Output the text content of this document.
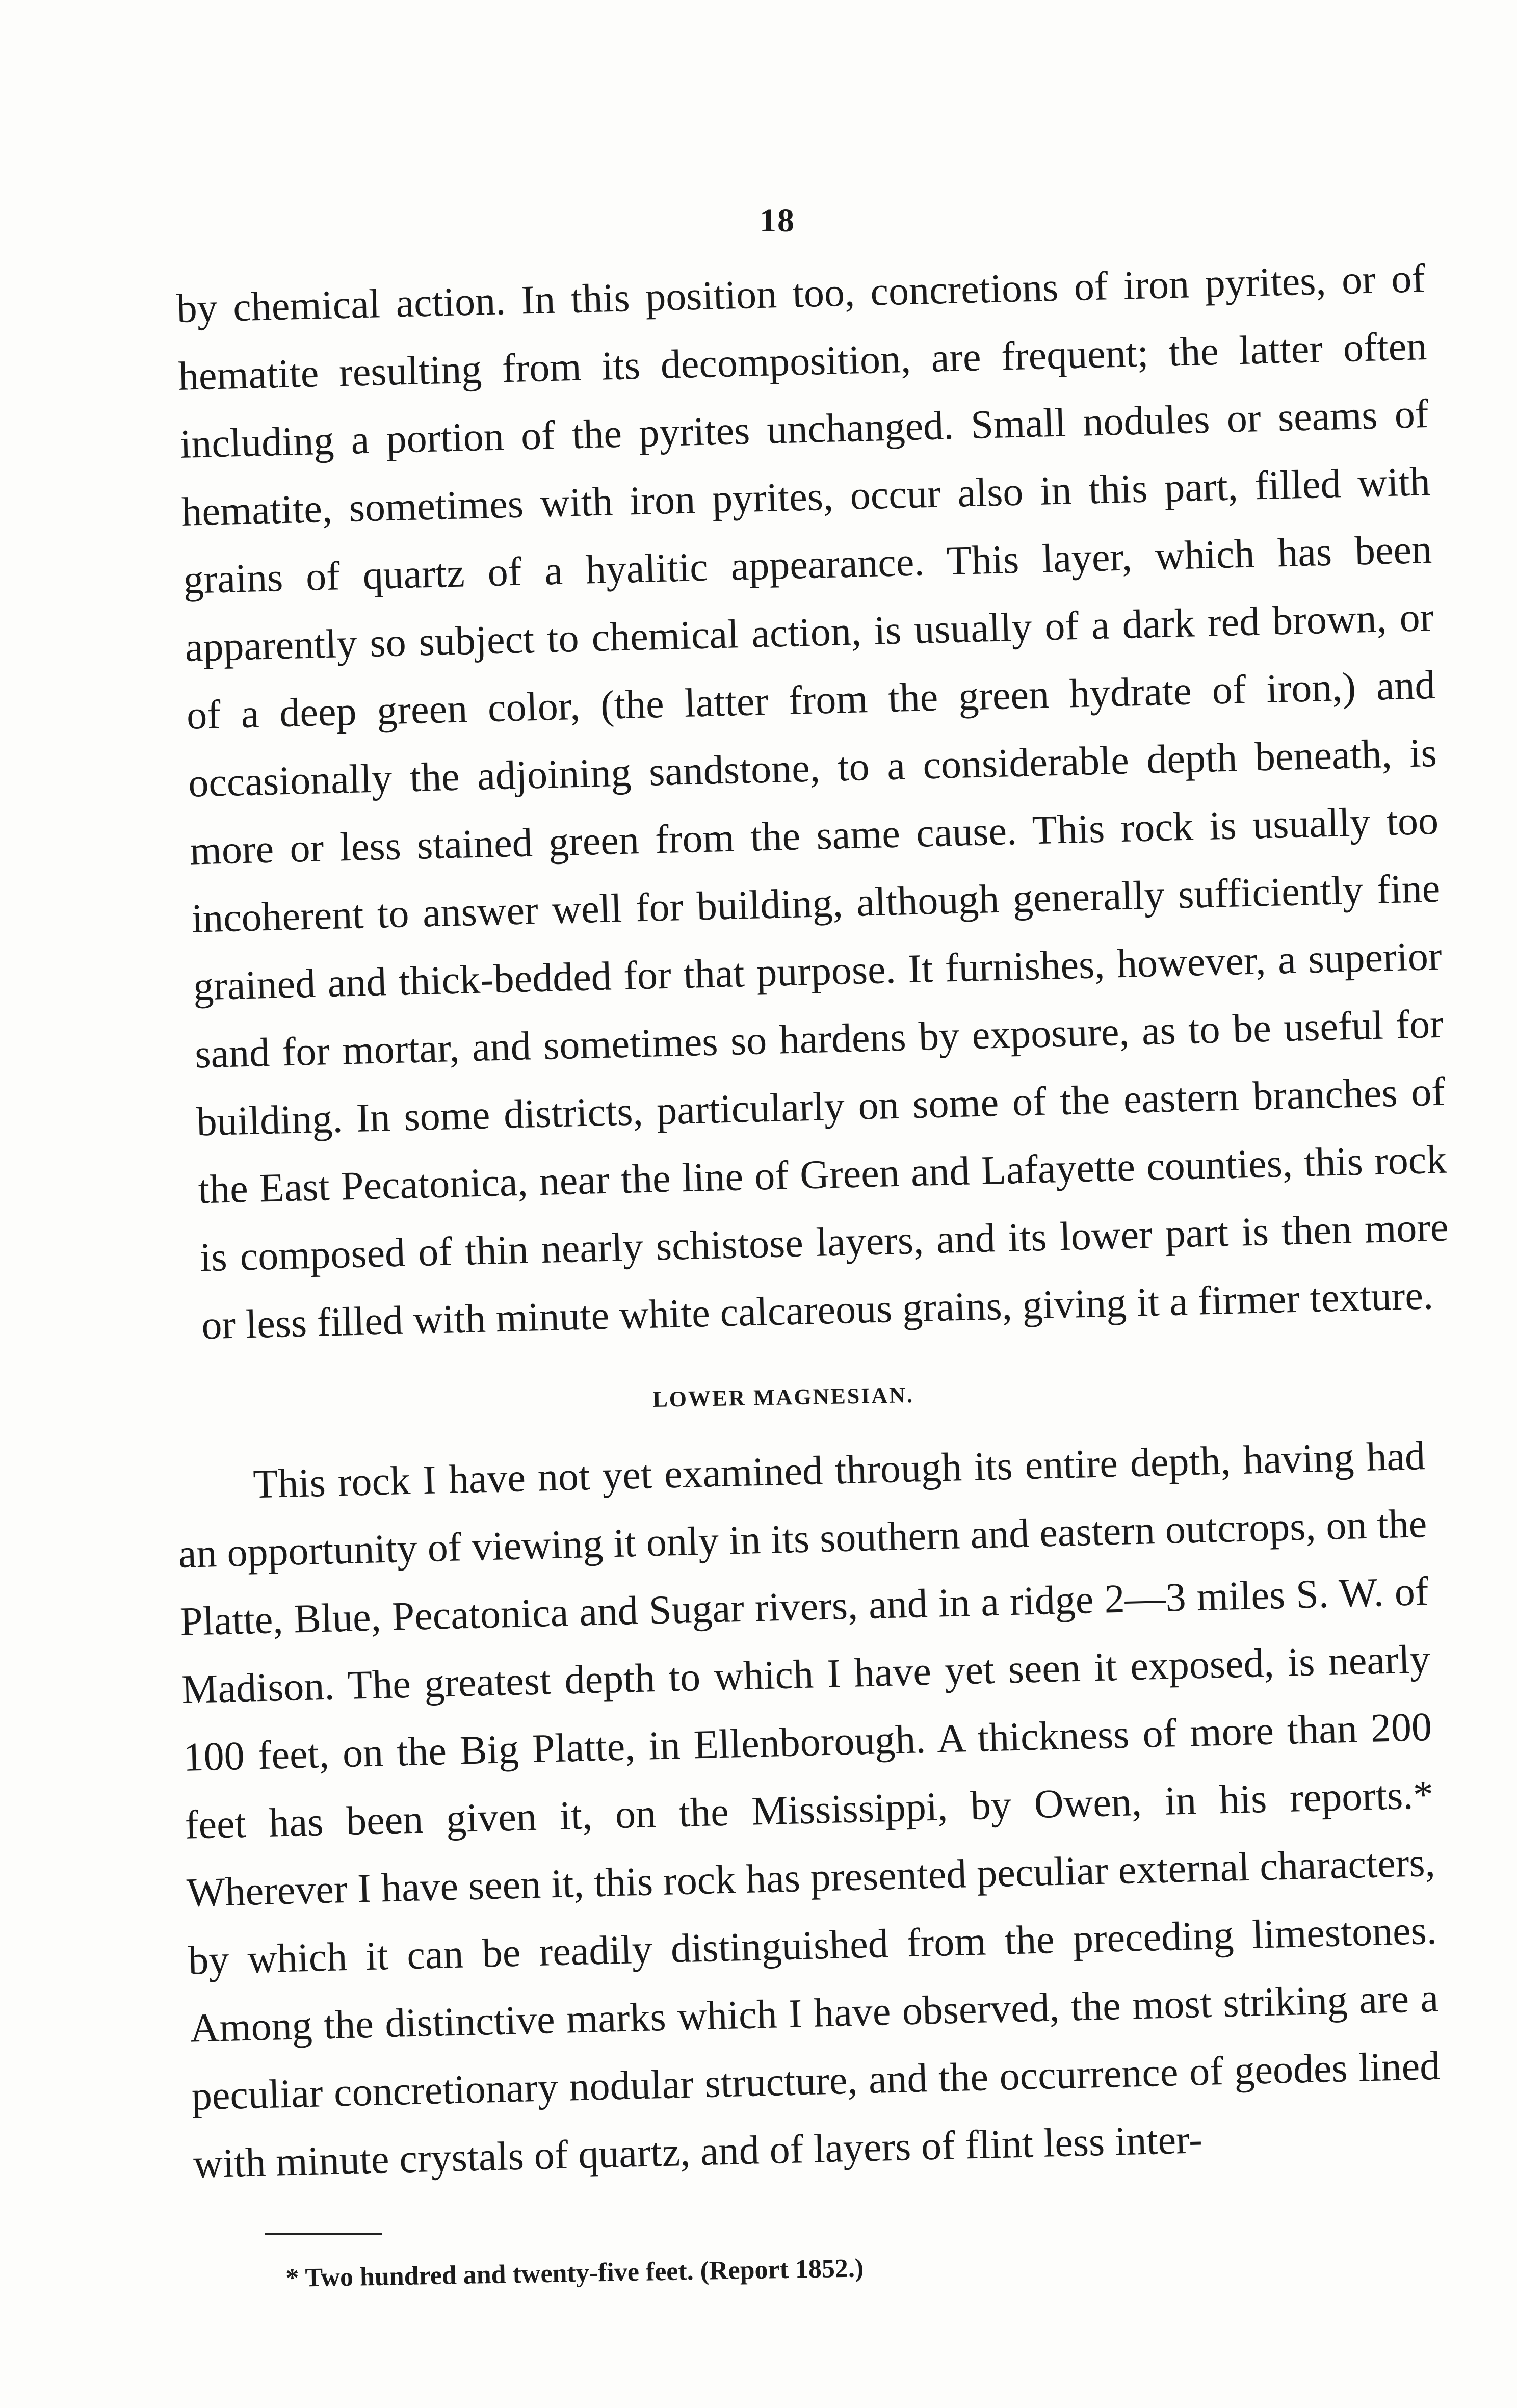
18
by chemical action. In this position too, concretions of iron pyrites, or of hematite resulting from its decomposition, are frequent; the latter often including a portion of the pyrites unchanged. Small nodules or seams of hematite, sometimes with iron pyrites, occur also in this part, filled with grains of quartz of a hyalitic appearance. This layer, which has been apparently so subject to chemical action, is usually of a dark red brown, or of a deep green color, (the latter from the green hydrate of iron,) and occasionally the adjoining sandstone, to a considerable depth beneath, is more or less stained green from the same cause. This rock is usually too incoherent to answer well for building, although generally sufficiently fine grained and thick-bedded for that purpose. It furnishes, however, a superior sand for mortar, and sometimes so hardens by exposure, as to be useful for building. In some districts, particularly on some of the eastern branches of the East Pecatonica, near the line of Green and Lafayette counties, this rock is composed of thin nearly schistose layers, and its lower part is then more or less filled with minute white calcareous grains, giving it a firmer texture.
LOWER MAGNESIAN.
This rock I have not yet examined through its entire depth, having had an opportunity of viewing it only in its southern and eastern outcrops, on the Platte, Blue, Pecatonica and Sugar rivers, and in a ridge 2—3 miles S. W. of Madison. The greatest depth to which I have yet seen it exposed, is nearly 100 feet, on the Big Platte, in Ellenborough. A thickness of more than 200 feet has been given it, on the Mississippi, by Owen, in his reports.* Wherever I have seen it, this rock has presented peculiar external characters, by which it can be readily distinguished from the preceding limestones. Among the distinctive marks which I have observed, the most striking are a peculiar concretionary nodular structure, and the occurrence of geodes lined with minute crystals of quartz, and of layers of flint less inter-
* Two hundred and twenty-five feet. (Report 1852.)
